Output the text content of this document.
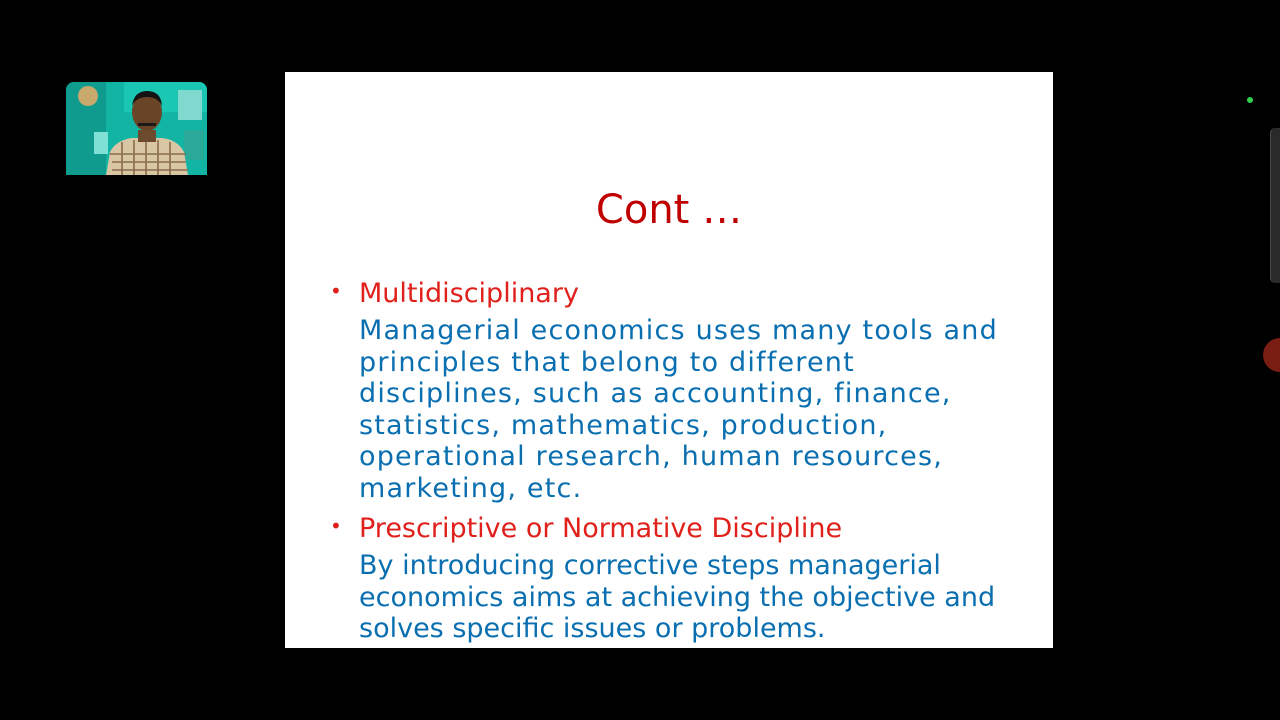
Cont …
• Multidisciplinary

Managerial economics uses many tools and principles that belong to different disciplines, such as accounting, finance, statistics, mathematics, production, operational research, human resources, marketing, etc.

• Prescriptive or Normative Discipline

By introducing corrective steps managerial economics aims at achieving the objective and solves specific issues or problems.
